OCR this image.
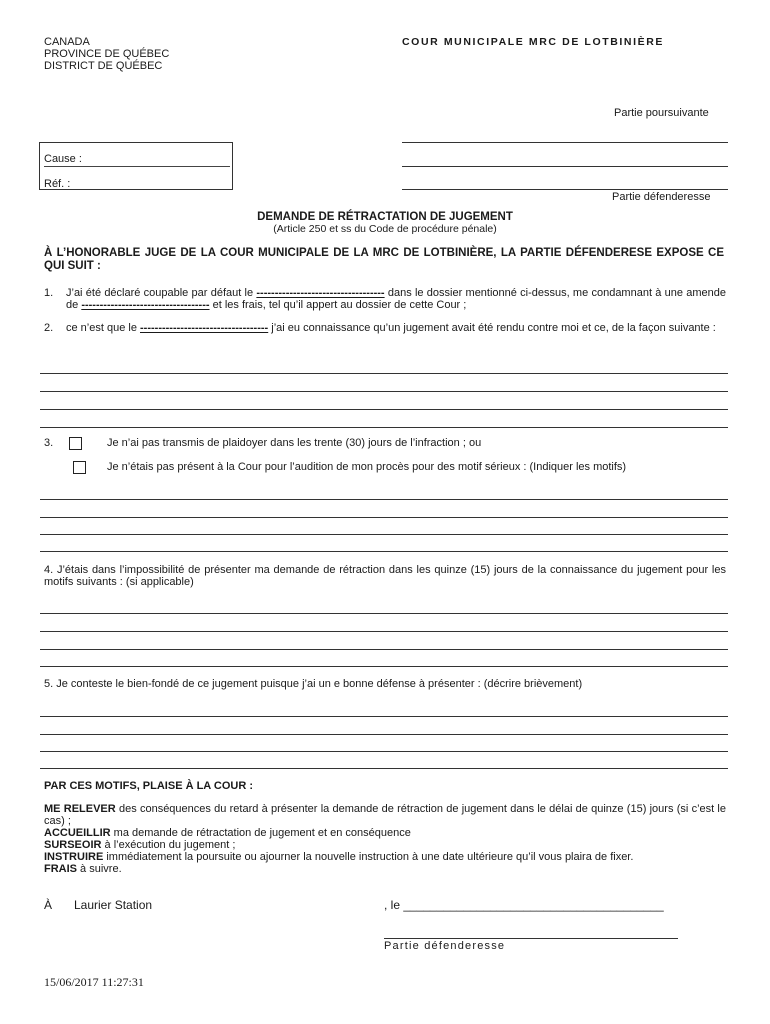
CANADA
PROVINCE DE QUÉBEC
DISTRICT DE QUÉBEC
COUR MUNICIPALE MRC DE LOTBINIÈRE
Partie poursuivante
Partie défenderesse
Cause :
Réf. :
DEMANDE DE RÉTRACTATION DE JUGEMENT
(Article 250 et ss du Code de procédure pénale)
À L’HONORABLE JUGE DE LA COUR MUNICIPALE DE LA MRC DE LOTBINIÈRE, LA PARTIE DÉFENDERESE EXPOSE CE QUI SUIT :
1. J’ai été déclaré coupable par défaut le ----------------------------------- dans le dossier mentionné ci-dessus, me condamnant à une amende de ----------------------------------- et les frais, tel qu’il appert au dossier de cette Cour ;
2. ce n’est que le ----------------------------------- j’ai eu connaissance qu’un jugement avait été rendu contre moi et ce, de la façon suivante :
3.	Je n’ai pas transmis de plaidoyer dans les trente (30) jours de l’infraction ; ou
Je n’étais pas présent à la Cour pour l’audition de mon procès pour des motif sérieux : (Indiquer les motifs)
4. J’étais dans l’impossibilité de présenter ma demande de rétraction dans les quinze (15) jours de la connaissance du jugement pour les motifs suivants : (si applicable)
5. Je conteste le bien-fondé de ce jugement puisque j’ai un e bonne défense à présenter : (décrire brièvement)
PAR CES MOTIFS, PLAISE À LA COUR :
ME RELEVER des conséquences du retard à présenter la demande de rétraction de jugement dans le délai de quinze (15) jours (si c’est le cas) ;
ACCUEILLIR ma demande de rétractation de jugement et en conséquence
SURSEOIR à l’exécution du jugement ;
INSTRUIRE immédiatement la poursuite ou ajourner la nouvelle instruction à une date ultérieure qu’il vous plaira de fixer.
FRAIS à suivre.
À Laurier Station	, le _______________________________________
Partie défenderesse
15/06/2017 11:27:31
